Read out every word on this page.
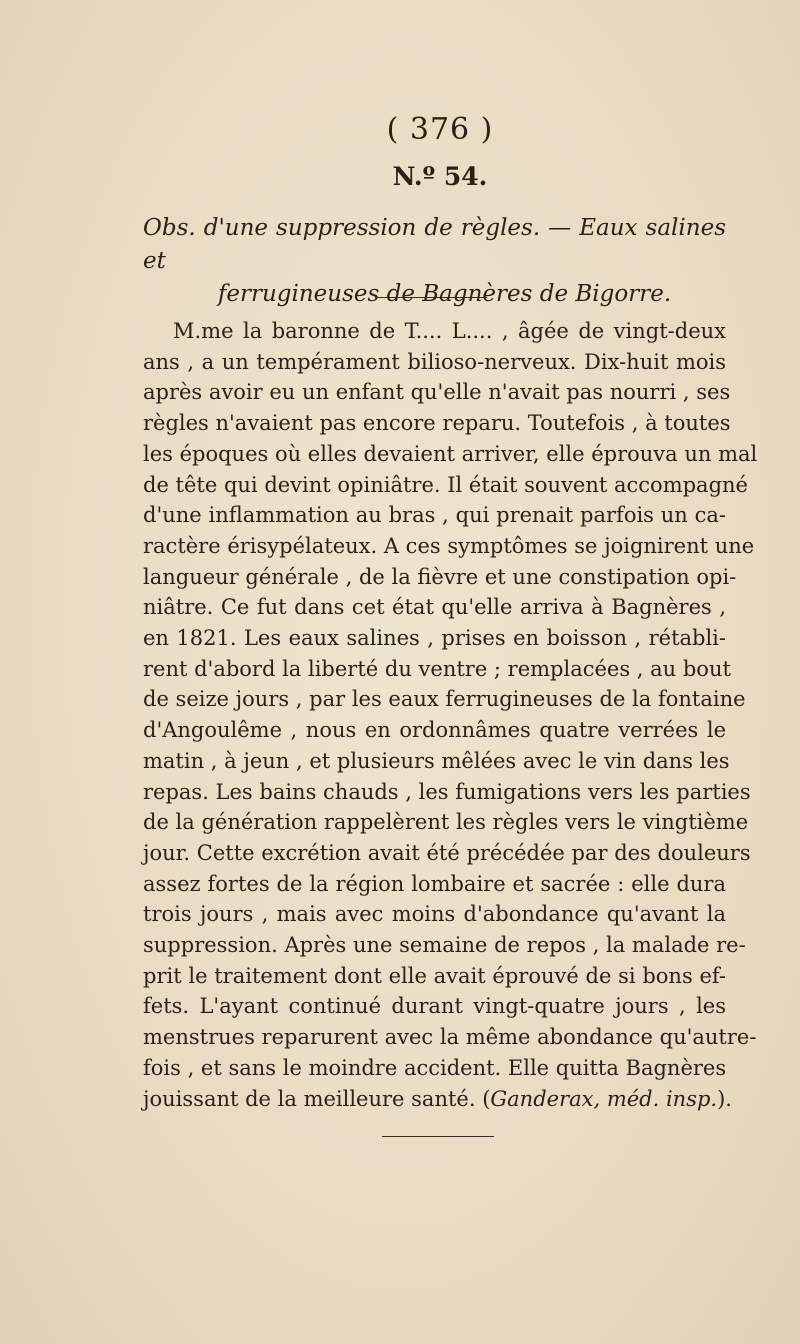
( 376 )
N.º 54.
Obs. d'une suppression de règles. — Eaux salines et
ferrugineuses de Bagnères de Bigorre.
M.me la baronne de T.... L.... , âgée de vingt-deux
ans , a un tempérament bilioso-nerveux. Dix-huit mois
après avoir eu un enfant qu'elle n'avait pas nourri , ses
règles n'avaient pas encore reparu. Toutefois , à toutes
les époques où elles devaient arriver, elle éprouva un mal
de tête qui devint opiniâtre. Il était souvent accompagné
d'une inflammation au bras , qui prenait parfois un ca-
ractère érisypélateux. A ces symptômes se joignirent une
langueur générale , de la fièvre et une constipation opi-
niâtre. Ce fut dans cet état qu'elle arriva à Bagnères ,
en 1821. Les eaux salines , prises en boisson , rétabli-
rent d'abord la liberté du ventre ; remplacées , au bout
de seize jours , par les eaux ferrugineuses de la fontaine
d'Angoulême , nous en ordonnâmes quatre verrées le
matin , à jeun , et plusieurs mêlées avec le vin dans les
repas. Les bains chauds , les fumigations vers les parties
de la génération rappelèrent les règles vers le vingtième
jour. Cette excrétion avait été précédée par des douleurs
assez fortes de la région lombaire et sacrée : elle dura
trois jours , mais avec moins d'abondance qu'avant la
suppression. Après une semaine de repos , la malade re-
prit le traitement dont elle avait éprouvé de si bons ef-
fets. L'ayant continué durant vingt-quatre jours , les
menstrues reparurent avec la même abondance qu'autre-
fois , et sans le moindre accident. Elle quitta Bagnères
jouissant de la meilleure santé. (Ganderax, méd. insp.).
